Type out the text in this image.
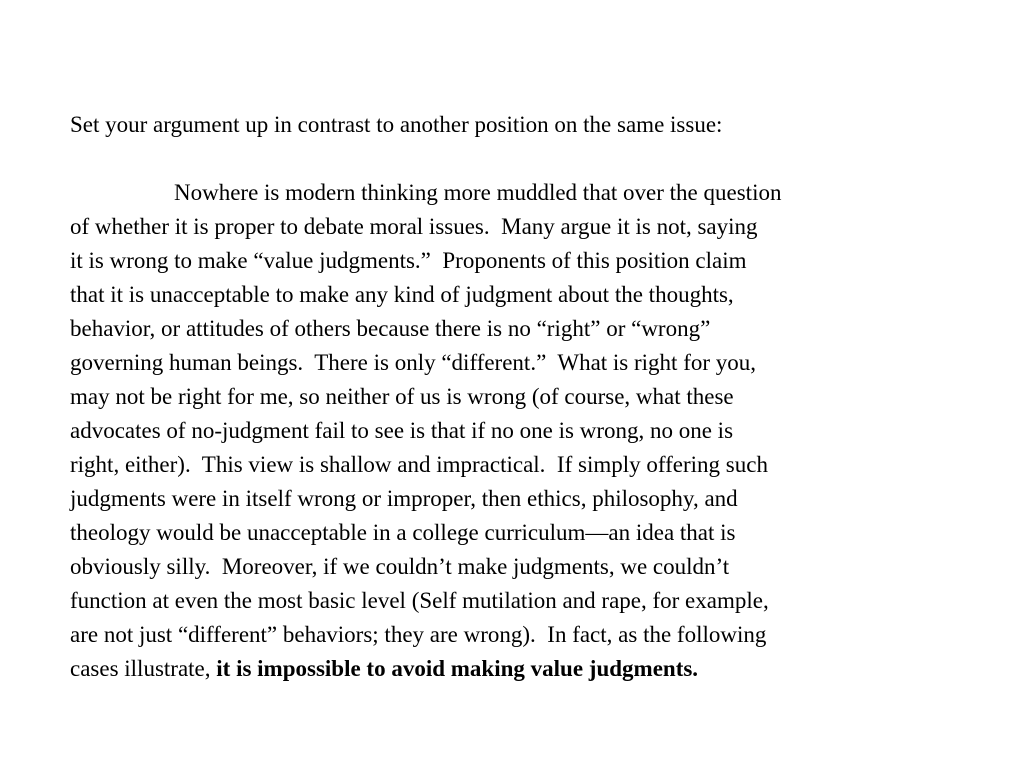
Set your argument up in contrast to another position on the same issue:
Nowhere is modern thinking more muddled that over the question
of whether it is proper to debate moral issues.  Many argue it is not, saying
it is wrong to make “value judgments.”  Proponents of this position claim
that it is unacceptable to make any kind of judgment about the thoughts,
behavior, or attitudes of others because there is no “right” or “wrong”
governing human beings.  There is only “different.”  What is right for you,
may not be right for me, so neither of us is wrong (of course, what these
advocates of no-judgment fail to see is that if no one is wrong, no one is
right, either).  This view is shallow and impractical.  If simply offering such
judgments were in itself wrong or improper, then ethics, philosophy, and
theology would be unacceptable in a college curriculum—an idea that is
obviously silly.  Moreover, if we couldn’t make judgments, we couldn’t
function at even the most basic level (Self mutilation and rape, for example,
are not just “different” behaviors; they are wrong).  In fact, as the following
cases illustrate, it is impossible to avoid making value judgments.
